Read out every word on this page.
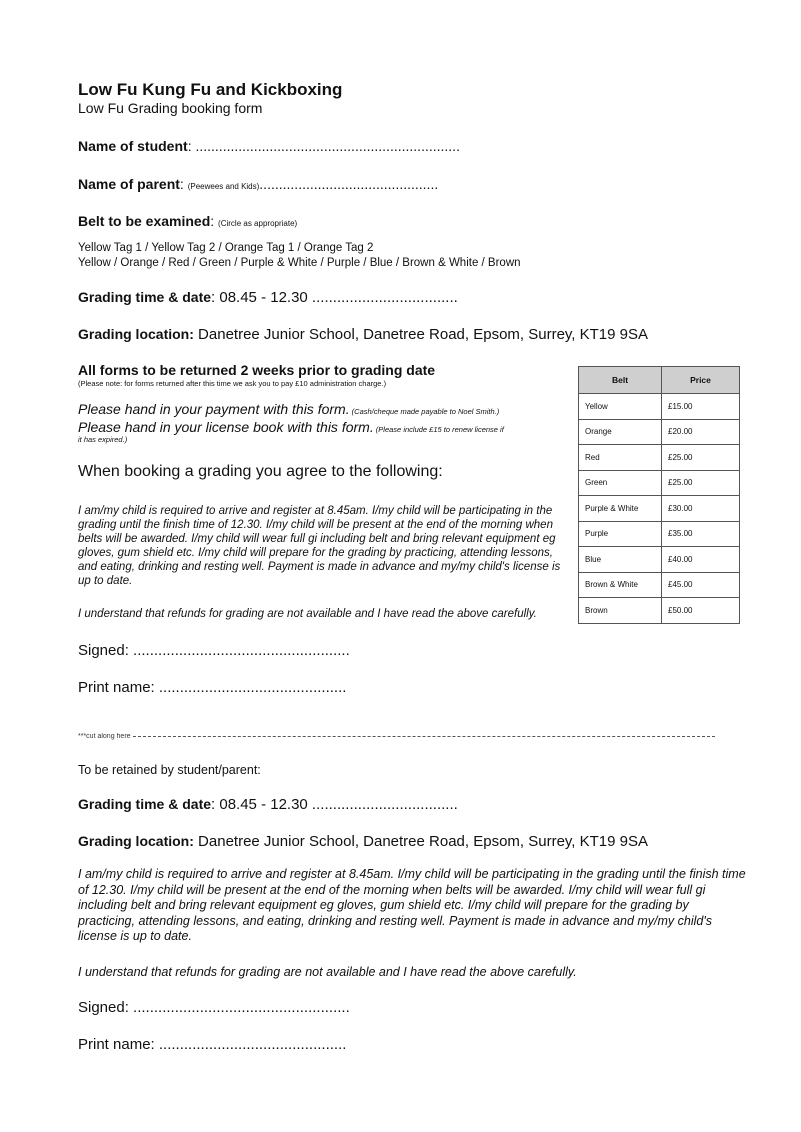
Low Fu Kung Fu and Kickboxing

Low Fu Grading booking form

Name of student: ....................................................................

Name of parent: (Peewees and Kids)..............................................

Belt to be examined: (Circle as appropriate)

Yellow Tag 1 / Yellow Tag 2 / Orange Tag 1 / Orange Tag 2

Yellow / Orange / Red / Green / Purple & White / Purple / Blue / Brown & White / Brown

Grading time & date: 08.45 - 12.30 ...................................

Grading location: Danetree Junior School, Danetree Road, Epsom, Surrey, KT19 9SA

All forms to be returned 2 weeks prior to grading date

(Please note: for forms returned after this time we ask you to pay £10 administration charge.)

Please hand in your payment with this form. (Cash/cheque made payable to Noel Smith.)

Please hand in your license book with this form. (Please include £15 to renew license if

it has expired.)

When booking a grading you agree to the following:

I am/my child is required to arrive and register at 8.45am. I/my child will be participating in the grading until the finish time of 12.30. I/my child will be present at the end of the morning when belts will be awarded. I/my child will wear full gi including belt and bring relevant equipment eg gloves, gum shield etc. I/my child will prepare for the grading by practicing, attending lessons, and eating, drinking and resting well. Payment is made in advance and my/my child's license is up to date.

I understand that refunds for grading are not available and I have read the above carefully.

Signed: ....................................................

Print name: .............................................

Belt	Price
Yellow	£15.00
Orange	£20.00
Red	£25.00
Green	£25.00
Purple & White	£30.00
Purple	£35.00
Blue	£40.00
Brown & White	£45.00
Brown	£50.00

***cut along here

To be retained by student/parent:

Grading time & date: 08.45 - 12.30 ...................................

Grading location: Danetree Junior School, Danetree Road, Epsom, Surrey, KT19 9SA

I am/my child is required to arrive and register at 8.45am. I/my child will be participating in the grading until the finish time of 12.30. I/my child will be present at the end of the morning when belts will be awarded. I/my child will wear full gi including belt and bring relevant equipment eg gloves, gum shield etc. I/my child will prepare for the grading by practicing, attending lessons, and eating, drinking and resting well. Payment is made in advance and my/my child's license is up to date.

I understand that refunds for grading are not available and I have read the above carefully.

Signed: ....................................................

Print name: .............................................
